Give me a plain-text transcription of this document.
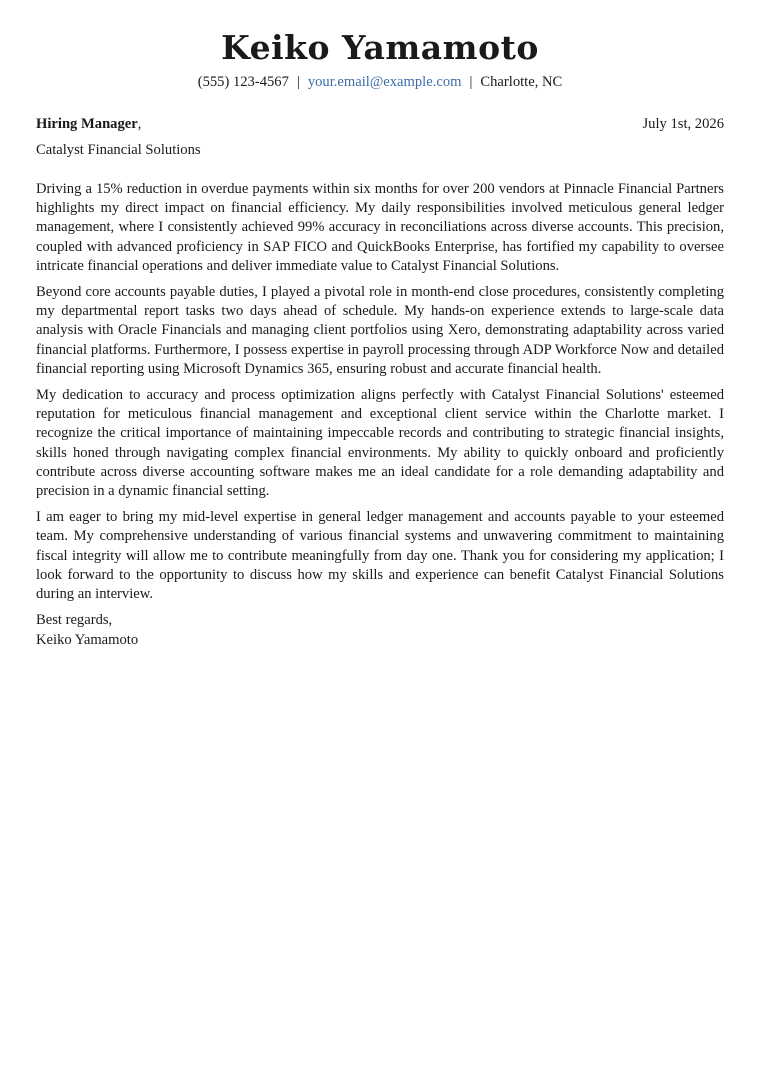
Keiko Yamamoto
(555) 123-4567 | your.email@example.com | Charlotte, NC
Hiring Manager,	July 1st, 2026
Catalyst Financial Solutions

Driving a 15% reduction in overdue payments within six months for over 200 vendors at Pinnacle Financial Partners highlights my direct impact on financial efficiency. My daily responsibilities involved meticulous general ledger management, where I consistently achieved 99% accuracy in reconciliations across diverse accounts. This precision, coupled with advanced proficiency in SAP FICO and QuickBooks Enterprise, has fortified my capability to oversee intricate financial operations and deliver immediate value to Catalyst Financial Solutions.

Beyond core accounts payable duties, I played a pivotal role in month-end close procedures, consistently completing my departmental report tasks two days ahead of schedule. My hands-on experience extends to large-scale data analysis with Oracle Financials and managing client portfolios using Xero, demonstrating adaptability across varied financial platforms. Furthermore, I possess expertise in payroll processing through ADP Workforce Now and detailed financial reporting using Microsoft Dynamics 365, ensuring robust and accurate financial health.

My dedication to accuracy and process optimization aligns perfectly with Catalyst Financial Solutions' esteemed reputation for meticulous financial management and exceptional client service within the Charlotte market. I recognize the critical importance of maintaining impeccable records and contributing to strategic financial insights, skills honed through navigating complex financial environments. My ability to quickly onboard and proficiently contribute across diverse accounting software makes me an ideal candidate for a role demanding adaptability and precision in a dynamic financial setting.

I am eager to bring my mid-level expertise in general ledger management and accounts payable to your esteemed team. My comprehensive understanding of various financial systems and unwavering commitment to maintaining fiscal integrity will allow me to contribute meaningfully from day one. Thank you for considering my application; I look forward to the opportunity to discuss how my skills and experience can benefit Catalyst Financial Solutions during an interview.

Best regards,
Keiko Yamamoto
